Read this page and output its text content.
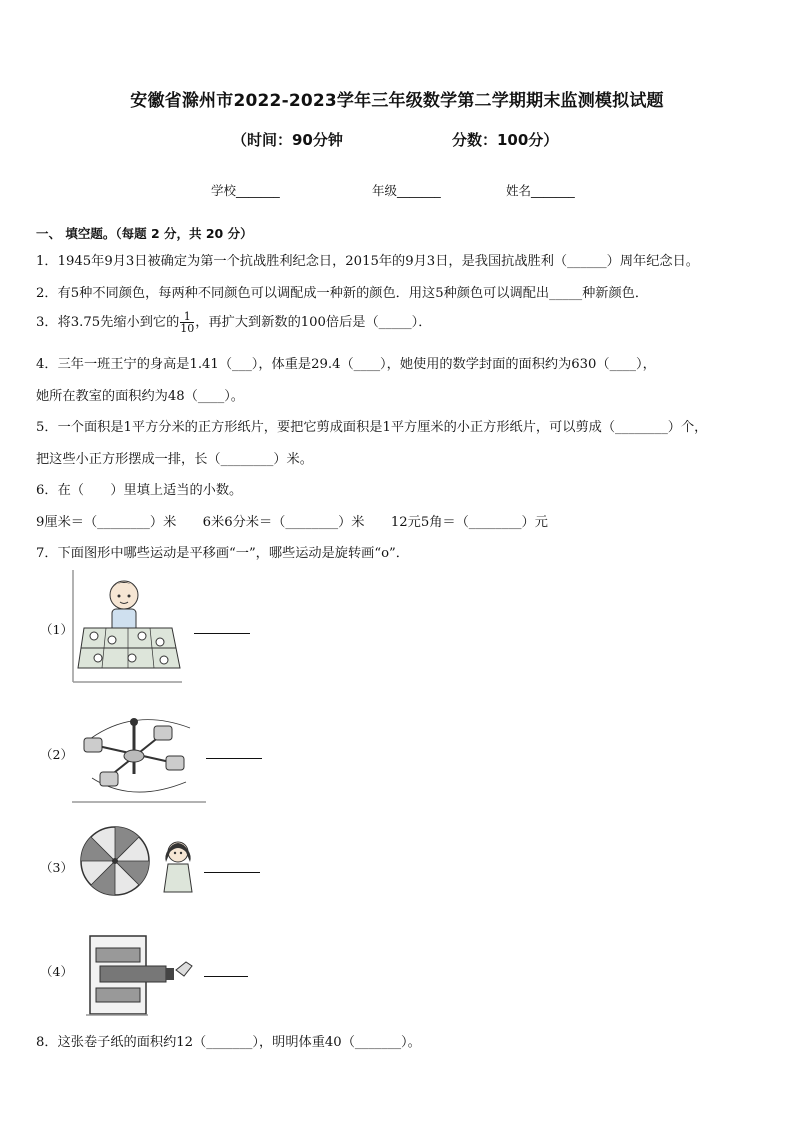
安徽省滁州市2022-2023学年三年级数学第二学期期末监测模拟试题
（时间：90分钟	分数：100分）
学校_______	年级_______	姓名_______
一、 填空题。（每题 2 分，共 20 分）
1．1945年9月3日被确定为第一个抗战胜利纪念日，2015年的9月3日，是我国抗战胜利（______）周年纪念日。
2．有5种不同颜色，每两种不同颜色可以调配成一种新的颜色．用这5种颜色可以调配出_____种新颜色．
3．将3.75先缩小到它的 $\frac{1}{10}$ ，再扩大到新数的100倍后是（_____）．
4．三年一班王宁的身高是1.41（___），体重是29.4（____），她使用的数学封面的面积约为630（____），
她所在教室的面积约为48（____）。
5．一个面积是1平方分米的正方形纸片，要把它剪成面积是1平方厘米的小正方形纸片，可以剪成（________）个，
把这些小正方形摆成一排，长（________）米。
6．在（　　）里填上适当的小数。
9厘米＝（________）米　　6米6分米＝（________）米　　12元5角＝（________）元
7．下面图形中哪些运动是平移画“一”，哪些运动是旋转画“o”．
（1）
（2）
（3）
（4）
8．这张卷子纸的面积约12（_______），明明体重40（_______）。
